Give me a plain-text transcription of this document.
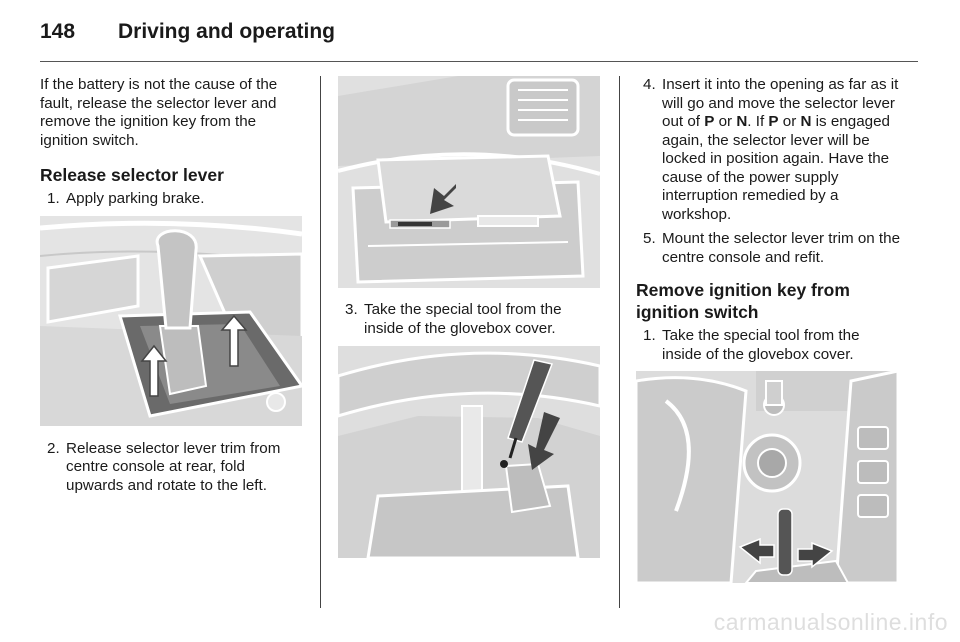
148 Driving and operating

If the battery is not the cause of the fault, release the selector lever and remove the ignition key from the ignition switch.

Release selector lever
1. Apply parking brake.
2. Release selector lever trim from centre console at rear, fold upwards and rotate to the left.
3. Take the special tool from the inside of the glovebox cover.
4. Insert it into the opening as far as it will go and move the selector lever out of P or N. If P or N is engaged again, the selector lever will be locked in position again. Have the cause of the power supply interruption remedied by a workshop.
5. Mount the selector lever trim on the centre console and refit.
Remove ignition key from ignition switch
1. Take the special tool from the inside of the glovebox cover.
carmanualsonline.info
